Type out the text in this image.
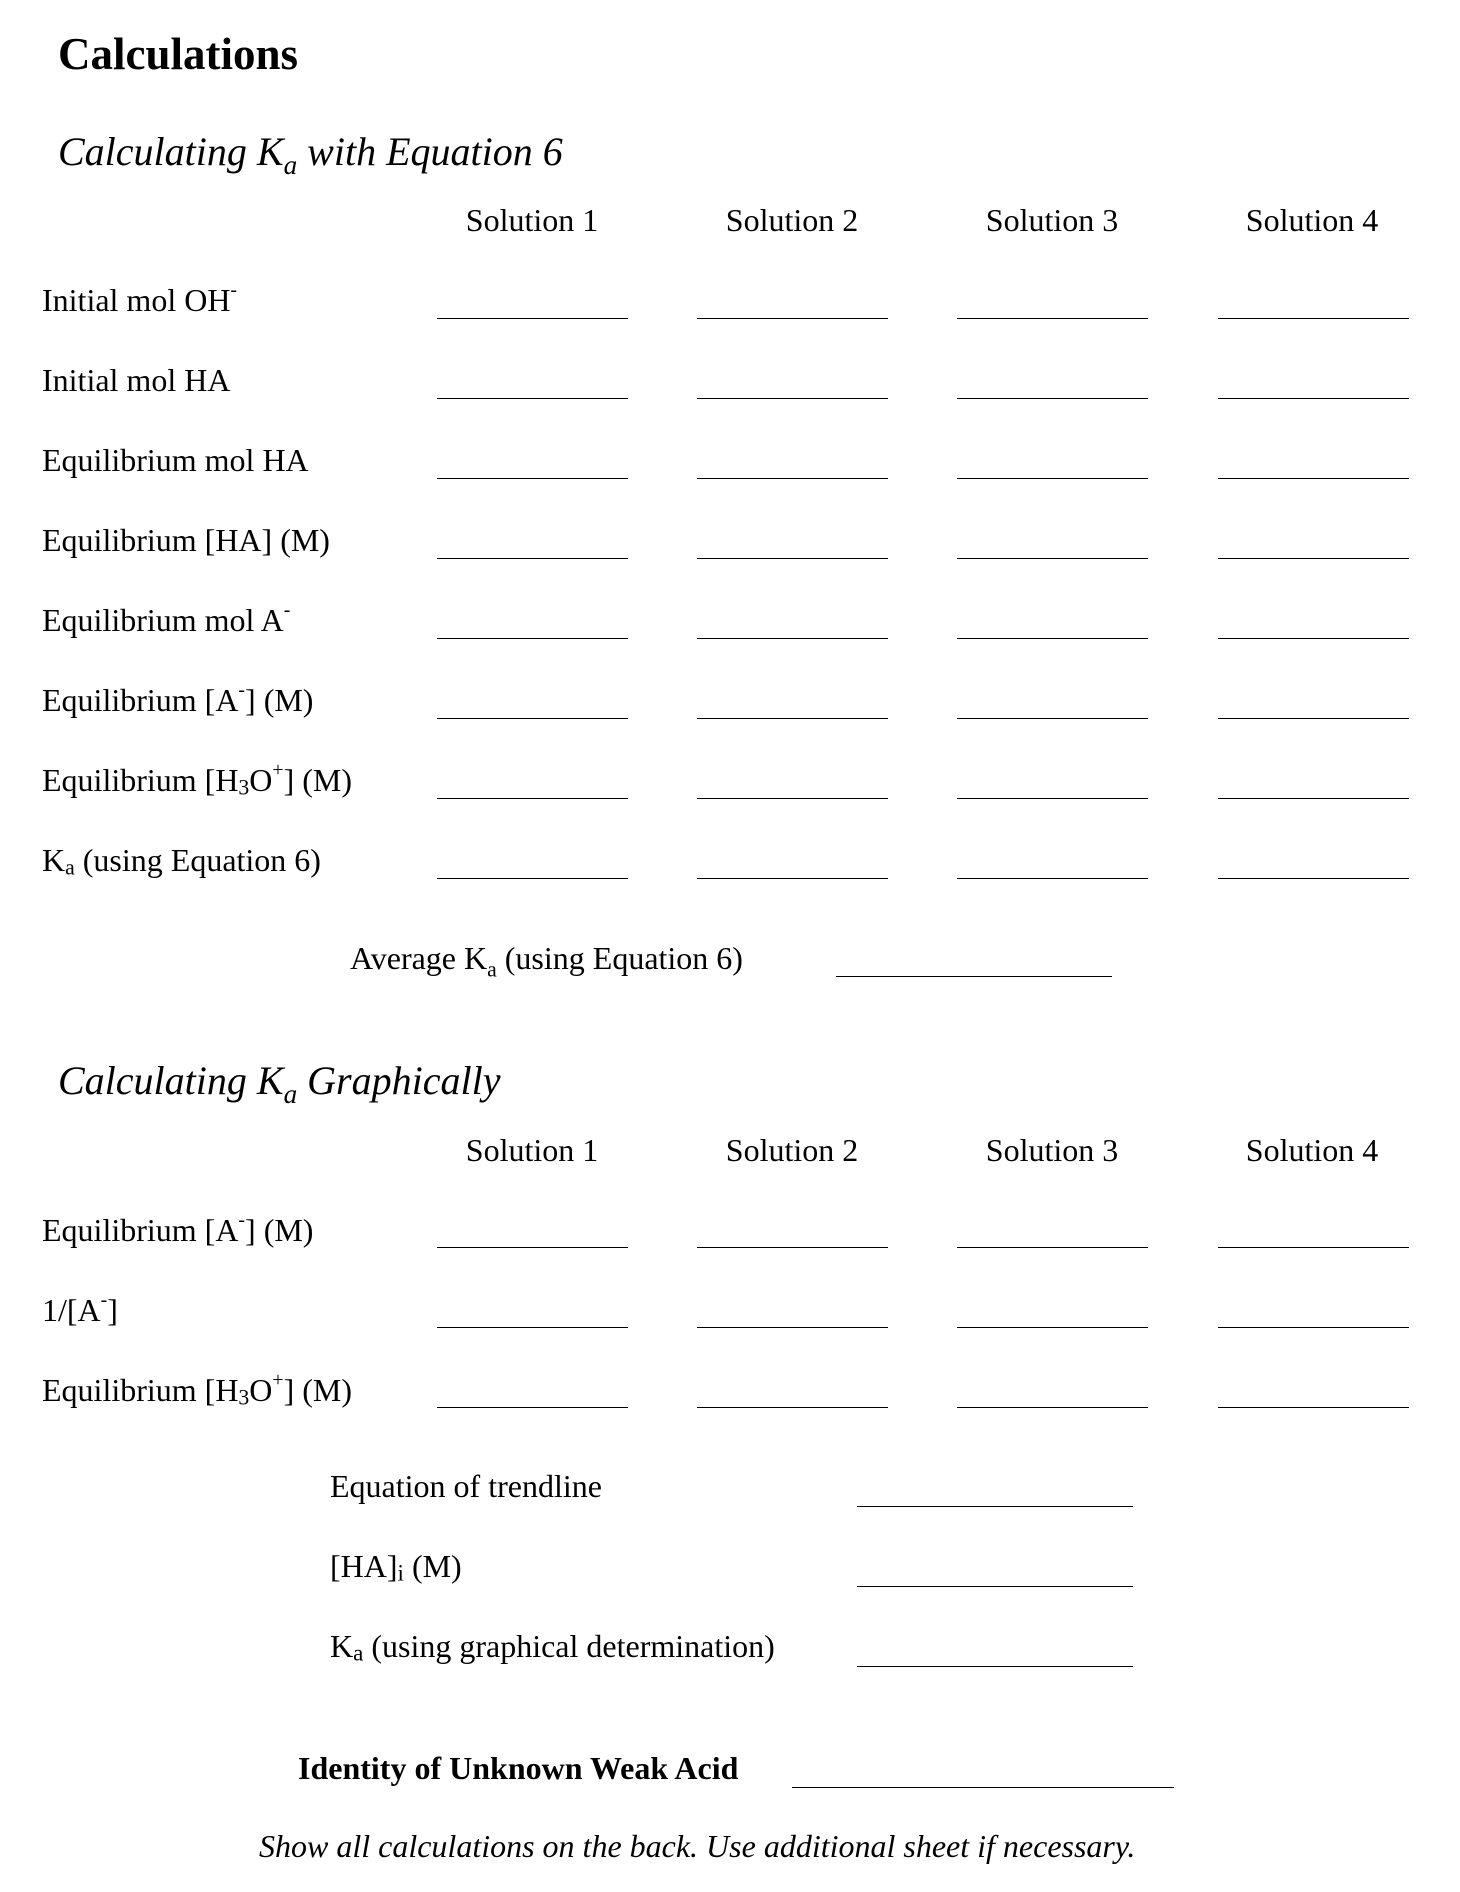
Calculations
Calculating $K_a$ with Equation 6
Solution 1	Solution 2	Solution 3	Solution 4
Initial mol OH-
Initial mol HA
Equilibrium mol HA
Equilibrium [HA] (M)
Equilibrium mol A-
Equilibrium [A-] (M)
Equilibrium $[H_3O^+]$ (M)
$K_a$ (using Equation 6)
Average $K_a$ (using Equation 6)
Calculating $K_a$ Graphically
Solution 1	Solution 2	Solution 3	Solution 4
Equilibrium [A-] (M)
1/[A-]
Equilibrium $[H_3O^+]$ (M)
Equation of trendline
$[HA]_i$ (M)
$K_a$ (using graphical determination)
Identity of Unknown Weak Acid
Show all calculations on the back. Use additional sheet if necessary.
